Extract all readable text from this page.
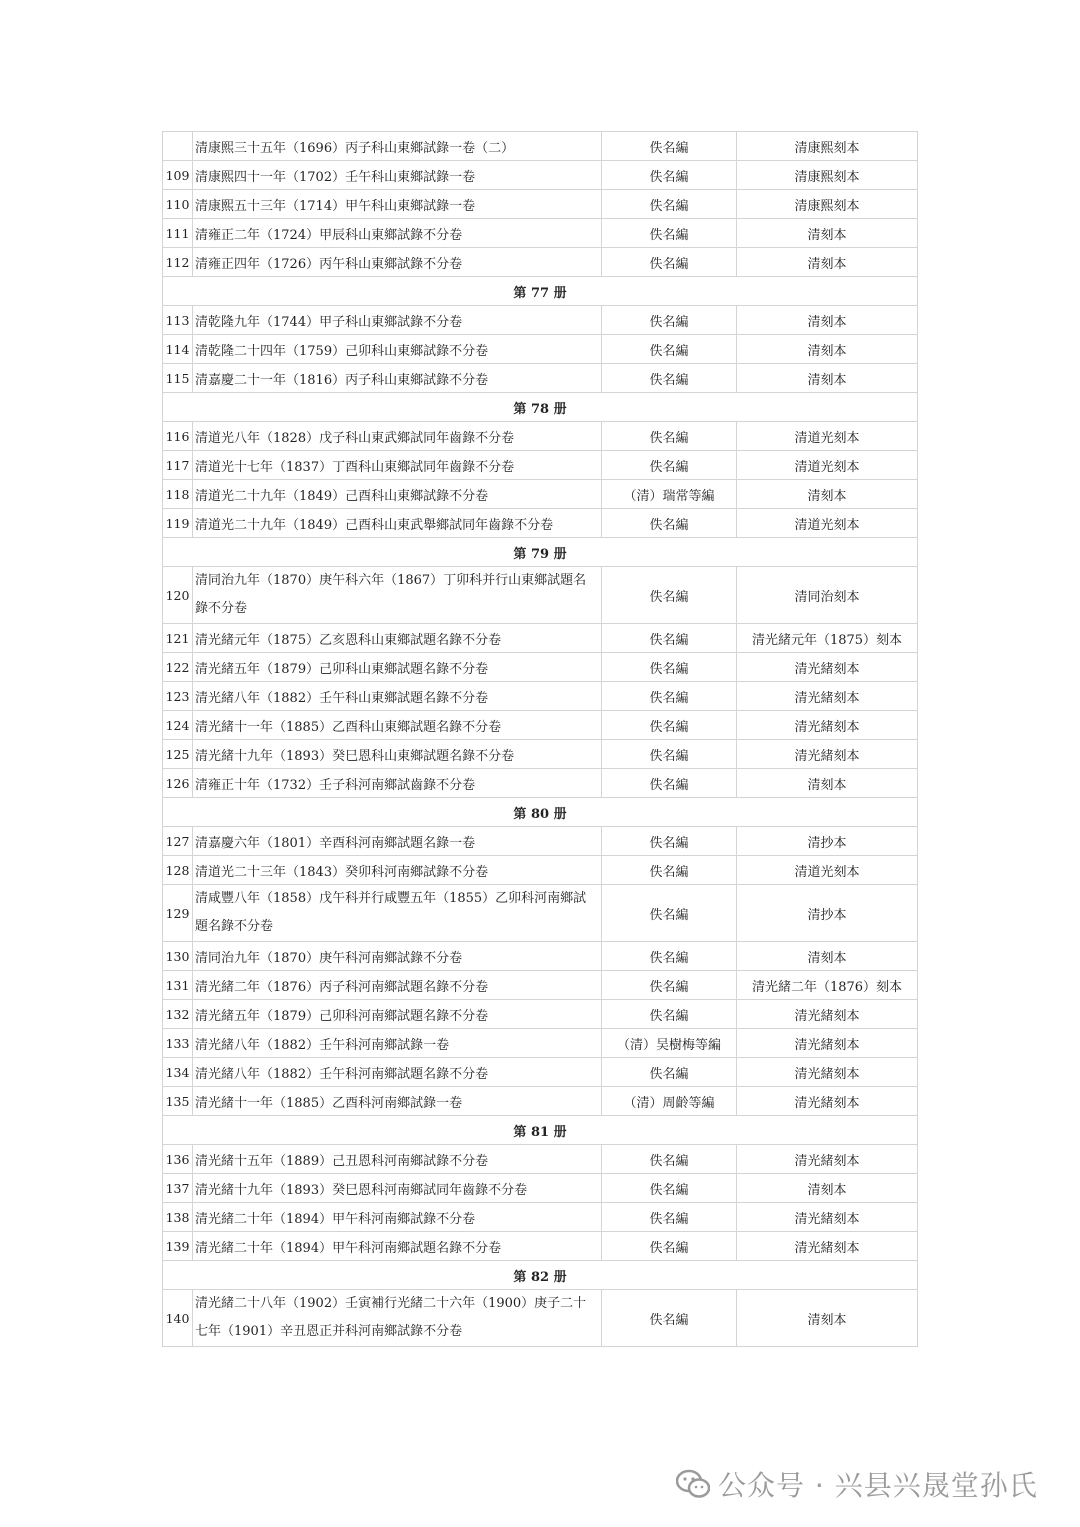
	清康熙三十五年（1696）丙子科山東鄉試錄一卷（二）	佚名編	清康熙刻本
109	清康熙四十一年（1702）壬午科山東鄉試錄一卷	佚名編	清康熙刻本
110	清康熙五十三年（1714）甲午科山東鄉試錄一卷	佚名編	清康熙刻本
111	清雍正二年（1724）甲辰科山東鄉試錄不分卷	佚名編	清刻本
112	清雍正四年（1726）丙午科山東鄉試錄不分卷	佚名編	清刻本
第 77 册			
113	清乾隆九年（1744）甲子科山東鄉試錄不分卷	佚名編	清刻本
114	清乾隆二十四年（1759）己卯科山東鄉試錄不分卷	佚名編	清刻本
115	清嘉慶二十一年（1816）丙子科山東鄉試錄不分卷	佚名編	清刻本
第 78 册			
116	清道光八年（1828）戊子科山東武鄉試同年齒錄不分卷	佚名編	清道光刻本
117	清道光十七年（1837）丁酉科山東鄉試同年齒錄不分卷	佚名編	清道光刻本
118	清道光二十九年（1849）己酉科山東鄉試錄不分卷	（清）瑞常等編	清刻本
119	清道光二十九年（1849）己酉科山東武舉鄉試同年齒錄不分卷	佚名編	清道光刻本
第 79 册			
120	清同治九年（1870）庚午科六年（1867）丁卯科并行山東鄉試題名錄不分卷	佚名編	清同治刻本
121	清光緒元年（1875）乙亥恩科山東鄉試題名錄不分卷	佚名編	清光緒元年（1875）刻本
122	清光緒五年（1879）己卯科山東鄉試題名錄不分卷	佚名編	清光緒刻本
123	清光緒八年（1882）壬午科山東鄉試題名錄不分卷	佚名編	清光緒刻本
124	清光緒十一年（1885）乙酉科山東鄉試題名錄不分卷	佚名編	清光緒刻本
125	清光緒十九年（1893）癸巳恩科山東鄉試題名錄不分卷	佚名編	清光緒刻本
126	清雍正十年（1732）壬子科河南鄉試齒錄不分卷	佚名編	清刻本
第 80 册			
127	清嘉慶六年（1801）辛酉科河南鄉試題名錄一卷	佚名編	清抄本
128	清道光二十三年（1843）癸卯科河南鄉試錄不分卷	佚名編	清道光刻本
129	清咸豐八年（1858）戊午科并行咸豐五年（1855）乙卯科河南鄉試題名錄不分卷	佚名編	清抄本
130	清同治九年（1870）庚午科河南鄉試錄不分卷	佚名編	清刻本
131	清光緒二年（1876）丙子科河南鄉試題名錄不分卷	佚名編	清光緒二年（1876）刻本
132	清光緒五年（1879）己卯科河南鄉試題名錄不分卷	佚名編	清光緒刻本
133	清光緒八年（1882）壬午科河南鄉試錄一卷	（清）吴樹梅等編	清光緒刻本
134	清光緒八年（1882）壬午科河南鄉試題名錄不分卷	佚名編	清光緒刻本
135	清光緒十一年（1885）乙酉科河南鄉試錄一卷	（清）周齡等編	清光緒刻本
第 81 册			
136	清光緒十五年（1889）己丑恩科河南鄉試錄不分卷	佚名編	清光緒刻本
137	清光緒十九年（1893）癸巳恩科河南鄉試同年齒錄不分卷	佚名編	清刻本
138	清光緒二十年（1894）甲午科河南鄉試錄不分卷	佚名編	清光緒刻本
139	清光緒二十年（1894）甲午科河南鄉試題名錄不分卷	佚名編	清光緒刻本
第 82 册			
140	清光緒二十八年（1902）壬寅補行光緒二十六年（1900）庚子二十七年（1901）辛丑恩正并科河南鄉試錄不分卷	佚名編	清刻本
公众号 · 兴县兴晟堂孙氏
